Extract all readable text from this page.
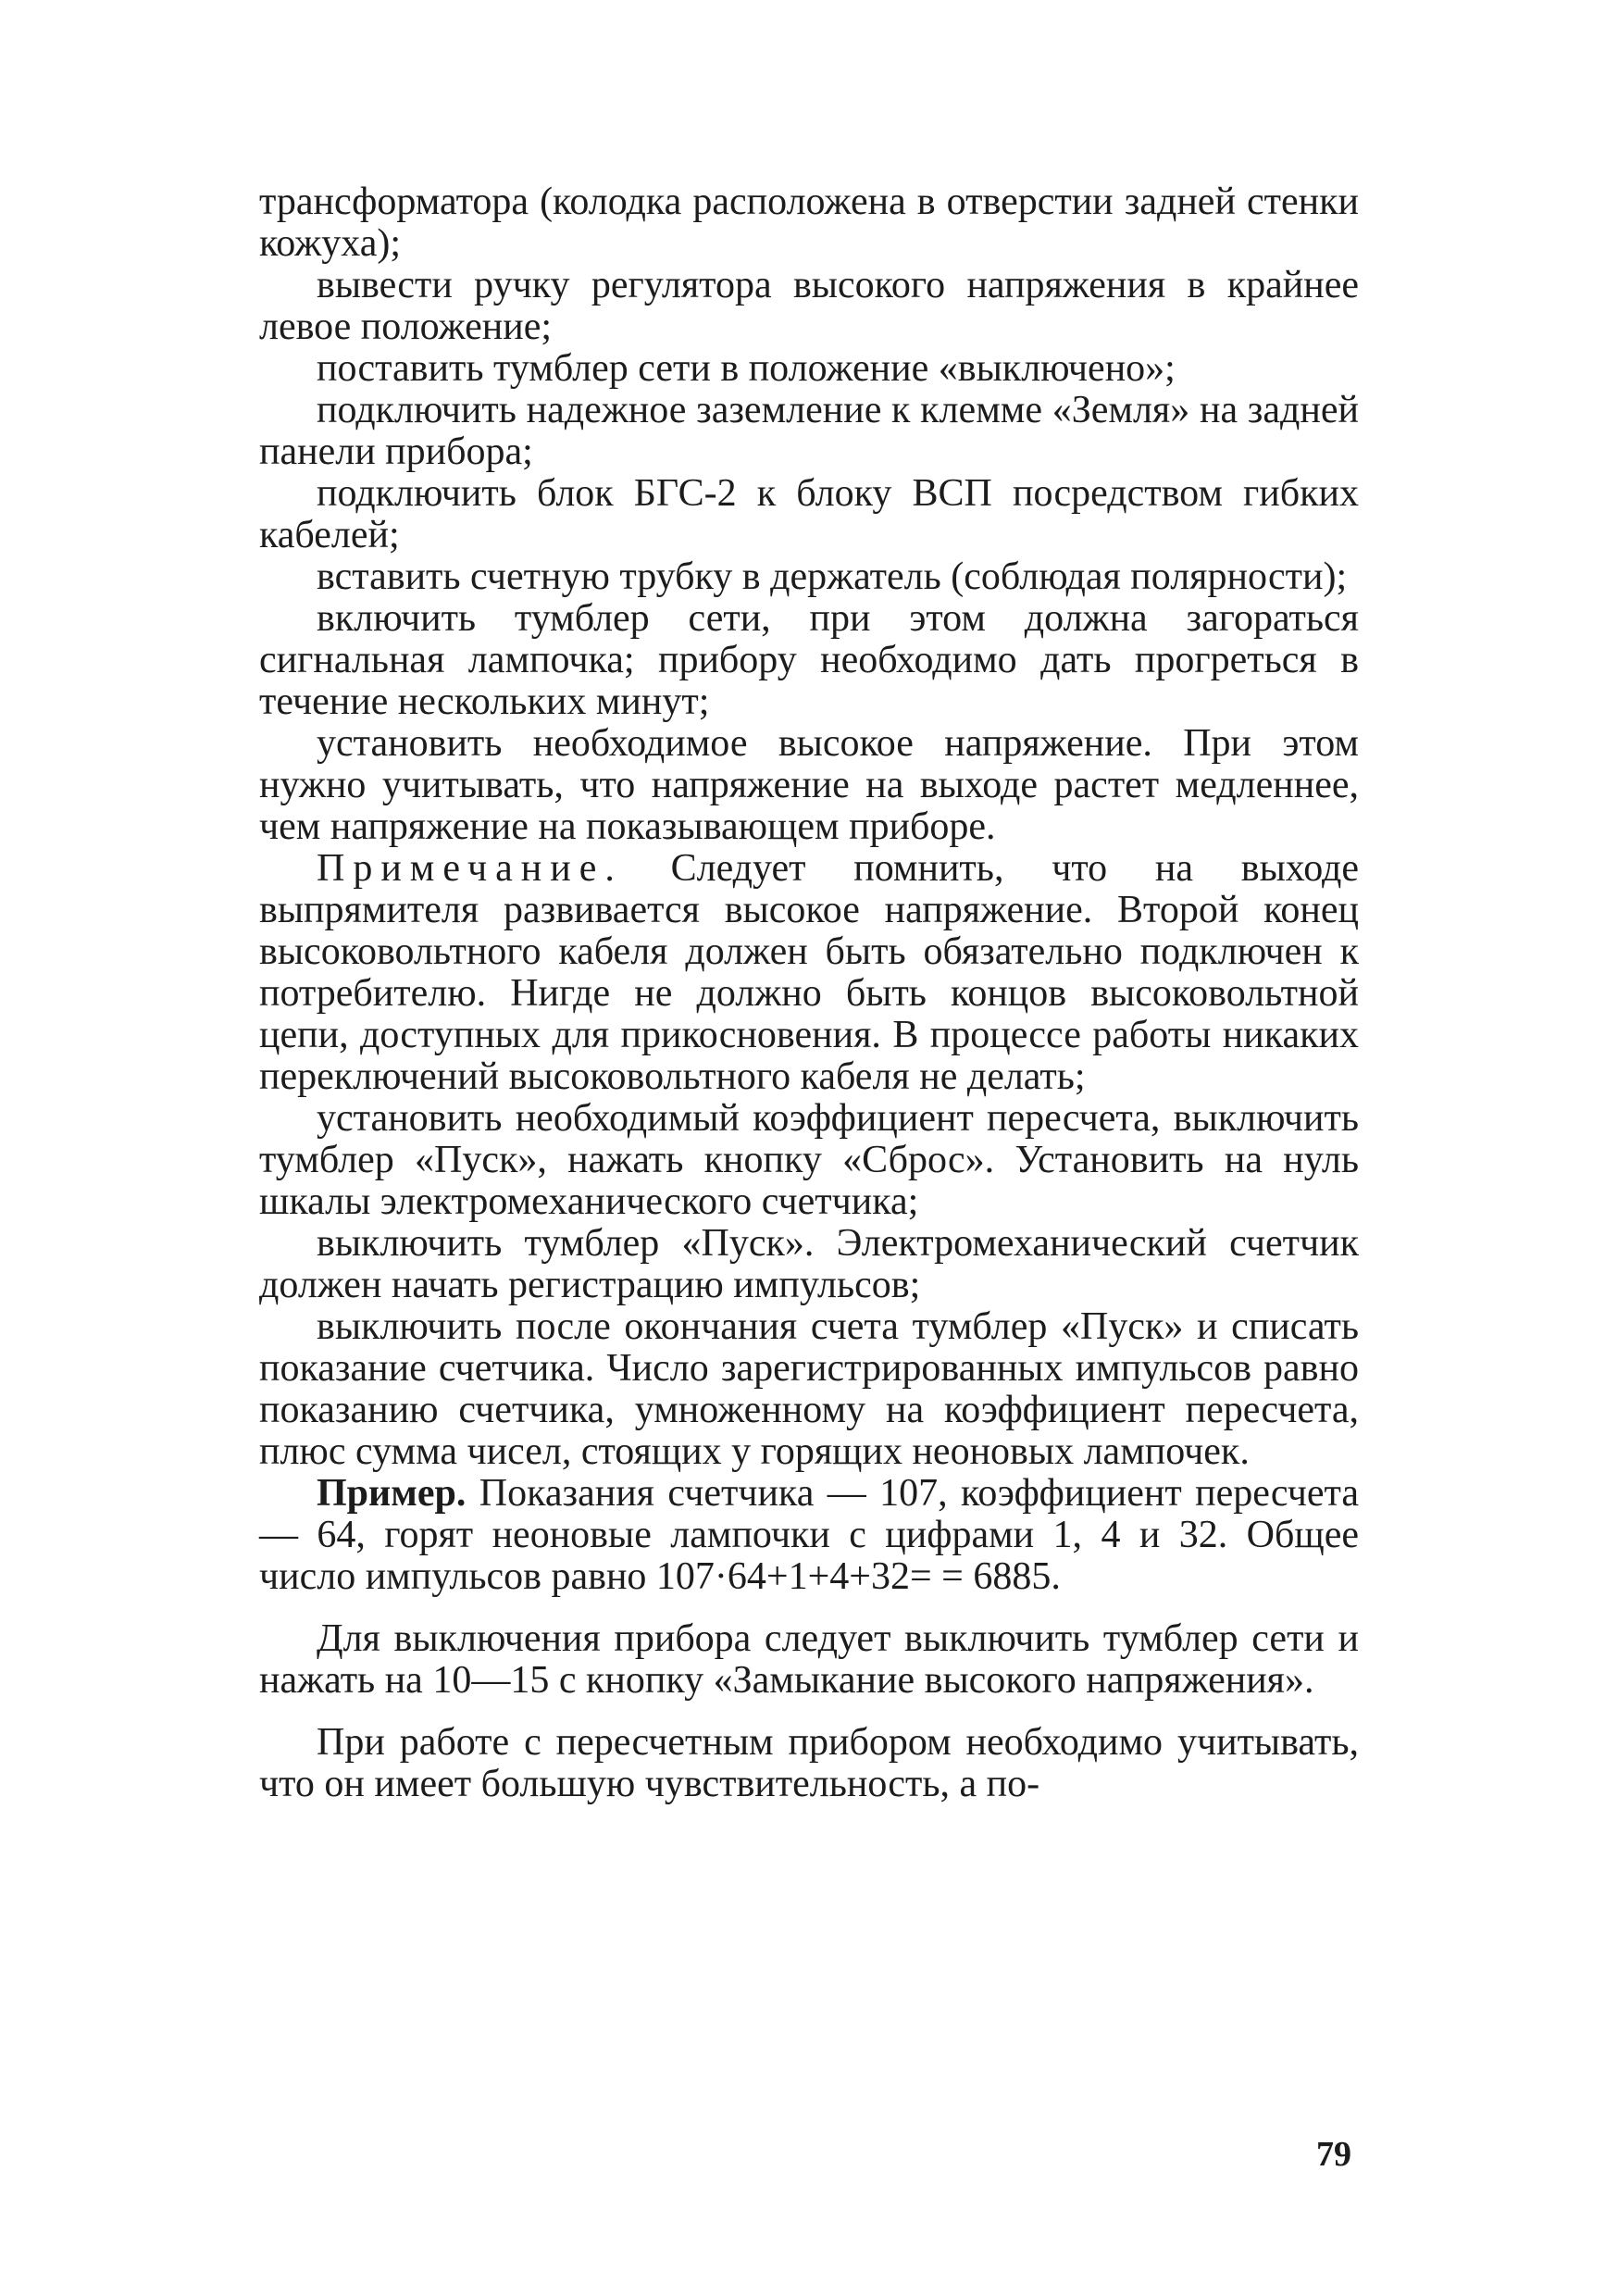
трансформатора (колодка расположена в отверстии задней стенки кожуха);

вывести ручку регулятора высокого напряжения в крайнее левое положение;

поставить тумблер сети в положение «выключено»;

подключить надежное заземление к клемме «Земля» на задней панели прибора;

подключить блок БГС-2 к блоку ВСП посредством гибких кабелей;

вставить счетную трубку в держатель (соблюдая полярности);

включить тумблер сети, при этом должна загораться сигнальная лампочка; прибору необходимо дать прогреться в течение нескольких минут;

установить необходимое высокое напряжение. При этом нужно учитывать, что напряжение на выходе растет медленнее, чем напряжение на показывающем приборе.

Примечание. Следует помнить, что на выходе выпрямителя развивается высокое напряжение. Второй конец высоковольтного кабеля должен быть обязательно подключен к потребителю. Нигде не должно быть концов высоковольтной цепи, доступных для прикосновения. В процессе работы никаких переключений высоковольтного кабеля не делать;

установить необходимый коэффициент пересчета, выключить тумблер «Пуск», нажать кнопку «Сброс». Установить на нуль шкалы электромеханического счетчика;

выключить тумблер «Пуск». Электромеханический счетчик должен начать регистрацию импульсов;

выключить после окончания счета тумблер «Пуск» и списать показание счетчика. Число зарегистрированных импульсов равно показанию счетчика, умноженному на коэффициент пересчета, плюс сумма чисел, стоящих у горящих неоновых лампочек.

Пример. Показания счетчика — 107, коэффициент пересчета — 64, горят неоновые лампочки с цифрами 1, 4 и 32. Общее число импульсов равно 107·64+1+4+32= = 6885.

Для выключения прибора следует выключить тумблер сети и нажать на 10—15 с кнопку «Замыкание высокого напряжения».

При работе с пересчетным прибором необходимо учитывать, что он имеет большую чувствительность, а по-

79
